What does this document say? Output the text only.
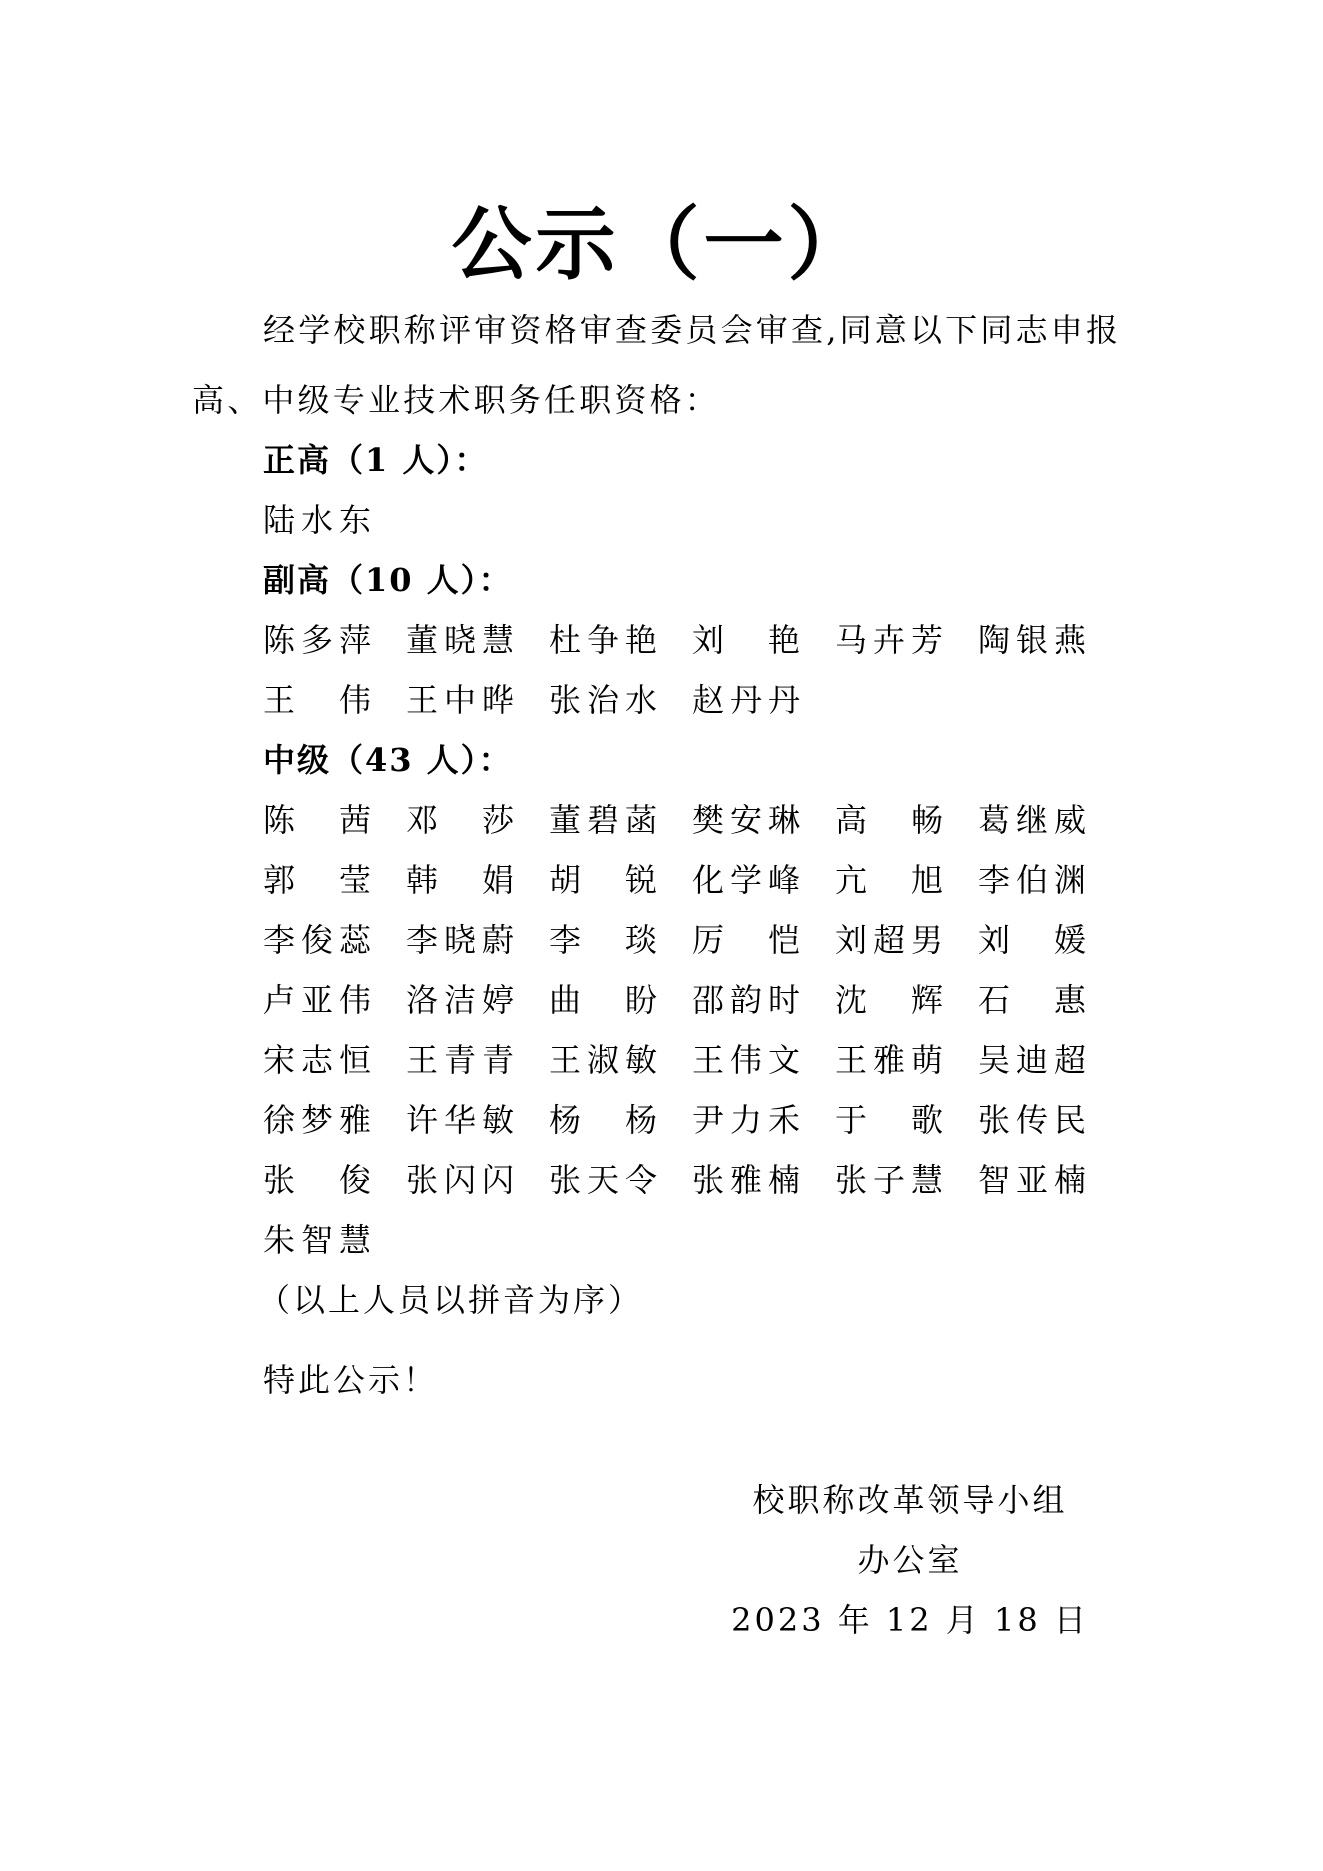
公示（一）
经学校职称评审资格审查委员会审查,同意以下同志申报
高、中级专业技术职务任职资格：
正高（1 人）：
陆 水 东
副高（10 人）：
陈 多 萍 董 晓 慧 杜 争 艳 刘 艳 马 卉 芳 陶 银 燕
王 伟 王 中 晔 张 治 水 赵 丹 丹
中级（43 人）：
陈 茜 邓 莎 董 碧 菡 樊 安 琳 高 畅 葛 继 威
郭 莹 韩 娟 胡 锐 化 学 峰 亢 旭 李 伯 渊
李 俊 蕊 李 晓 蔚 李 琰 厉 恺 刘 超 男 刘 媛
卢 亚 伟 洛 洁 婷 曲 盼 邵 韵 时 沈 辉 石 惠
宋 志 恒 王 青 青 王 淑 敏 王 伟 文 王 雅 萌 吴 迪 超
徐 梦 雅 许 华 敏 杨 杨 尹 力 禾 于 歌 张 传 民
张 俊 张 闪 闪 张 天 令 张 雅 楠 张 子 慧 智 亚 楠
朱 智 慧
（以上人员以拼音为序）
特此公示！
校职称改革领导小组
办公室
2023 年 12 月 18 日
